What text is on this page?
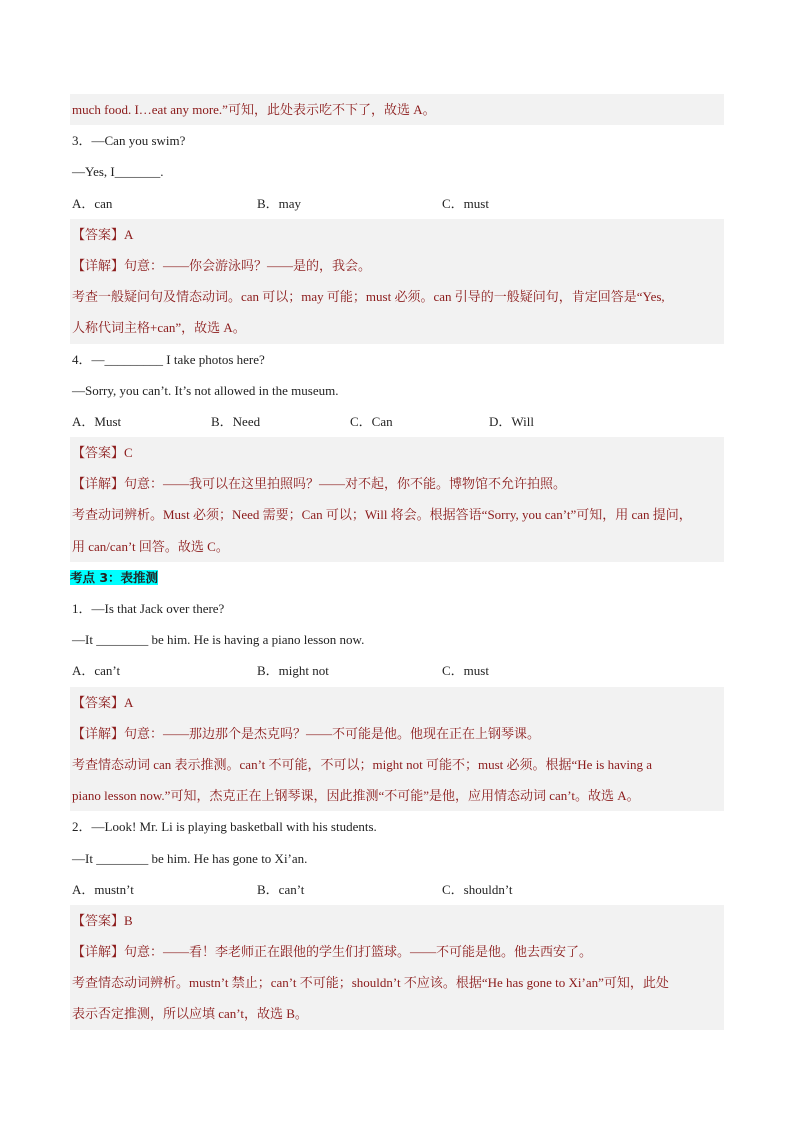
much food. I…eat any more.”可知，此处表示吃不下了，故选 A。
3．—Can you swim?
—Yes, I_______.
A．can	B．may	C．must
【答案】A
【详解】句意：——你会游泳吗？——是的，我会。
考查一般疑问句及情态动词。can 可以；may 可能；must 必须。can 引导的一般疑问句，肯定回答是“Yes,
人称代词主格+can”，故选 A。
4．—_________ I take photos here?
—Sorry, you can’t. It’s not allowed in the museum.
A．Must	B．Need	C．Can	D．Will
【答案】C
【详解】句意：——我可以在这里拍照吗？——对不起，你不能。博物馆不允许拍照。
考查动词辨析。Must 必须；Need 需要；Can 可以；Will 将会。根据答语“Sorry, you can’t”可知，用 can 提问，
用 can/can’t 回答。故选 C。
考点 3：表推测
1．—Is that Jack over there?
—It ________ be him. He is having a piano lesson now.
A．can’t	B．might not	C．must
【答案】A
【详解】句意：——那边那个是杰克吗？——不可能是他。他现在正在上钢琴课。
考查情态动词 can 表示推测。can’t 不可能，不可以；might not 可能不；must 必须。根据“He is having a
piano lesson now.”可知，杰克正在上钢琴课，因此推测“不可能”是他，应用情态动词 can’t。故选 A。
2．—Look! Mr. Li is playing basketball with his students.
—It ________ be him. He has gone to Xi’an.
A．mustn’t	B．can’t	C．shouldn’t
【答案】B
【详解】句意：——看！李老师正在跟他的学生们打篮球。——不可能是他。他去西安了。
考查情态动词辨析。mustn’t 禁止；can’t 不可能；shouldn’t 不应该。根据“He has gone to Xi’an”可知，此处
表示否定推测，所以应填 can’t，故选 B。
